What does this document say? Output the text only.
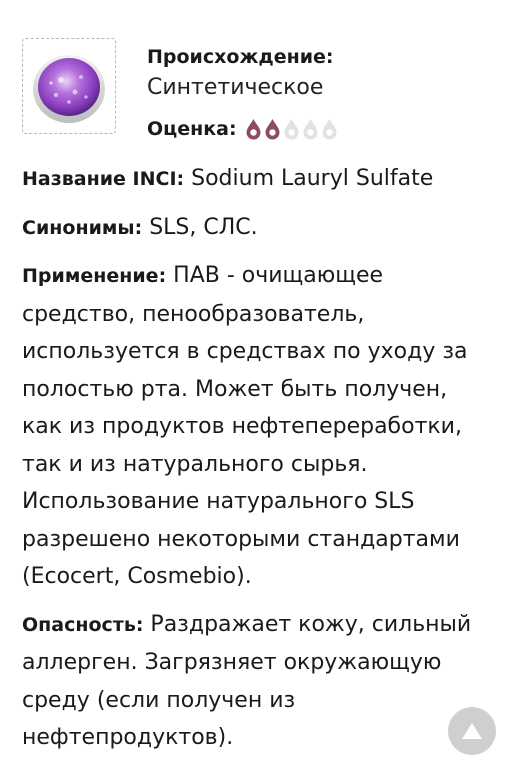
Происхождение:
Синтетическое
Оценка:
Название INCI: Sodium Lauryl Sulfate
Синонимы: SLS, СЛС.
Применение: ПАВ - очищающее средство, пенообразователь, используется в средствах по уходу за полостью рта. Может быть получен, как из продуктов нефтепереработки, так и из натурального сырья. Использование натурального SLS разрешено некоторыми стандартами (Ecocert, Cosmebio).
Опасность: Раздражает кожу, сильный аллерген. Загрязняет окружающую среду (если получен из нефтепродуктов).
